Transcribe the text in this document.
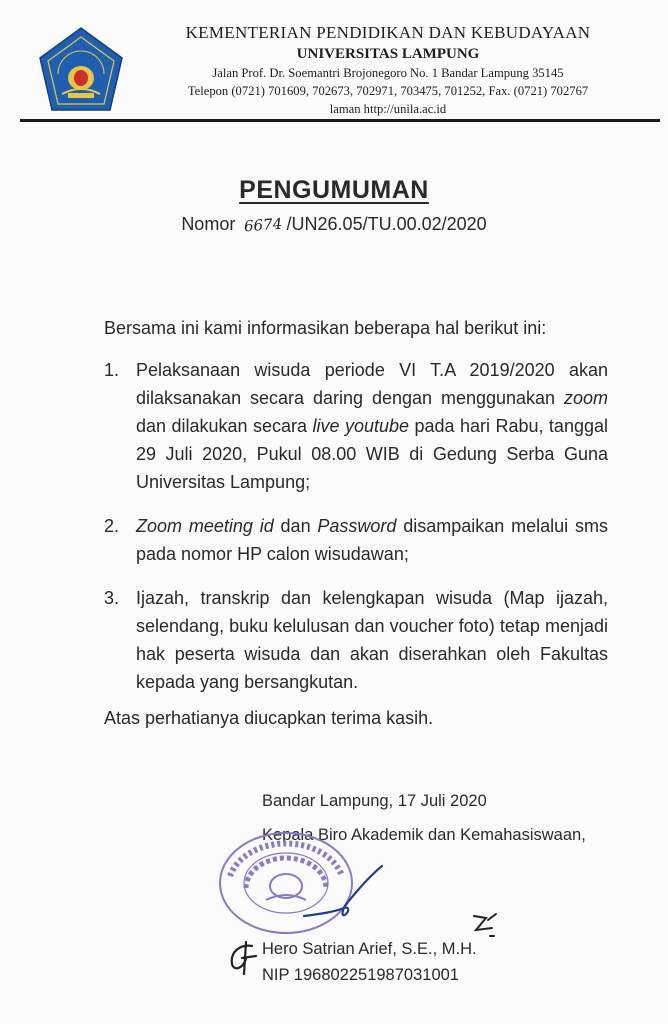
KEMENTERIAN PENDIDIKAN DAN KEBUDAYAAN
UNIVERSITAS LAMPUNG
Jalan Prof. Dr. Soemantri Brojonegoro No. 1 Bandar Lampung 35145
Telepon (0721) 701609, 702673, 702971, 703475, 701252, Fax. (0721) 702767
laman http://unila.ac.id
PENGUMUMAN
Nomor 6674 /UN26.05/TU.00.02/2020
Bersama ini kami informasikan beberapa hal berikut ini:
1. Pelaksanaan wisuda periode VI T.A 2019/2020 akan dilaksanakan secara daring dengan menggunakan zoom dan dilakukan secara live youtube pada hari Rabu, tanggal 29 Juli 2020, Pukul 08.00 WIB di Gedung Serba Guna Universitas Lampung;
2. Zoom meeting id dan Password disampaikan melalui sms pada nomor HP calon wisudawan;
3. Ijazah, transkrip dan kelengkapan wisuda (Map ijazah, selendang, buku kelulusan dan voucher foto) tetap menjadi hak peserta wisuda dan akan diserahkan oleh Fakultas kepada yang bersangkutan.
Atas perhatianya diucapkan terima kasih.
Bandar Lampung, 17 Juli 2020
Kepala Biro Akademik dan Kemahasiswaan,
Hero Satrian Arief, S.E., M.H.
NIP 196802251987031001
